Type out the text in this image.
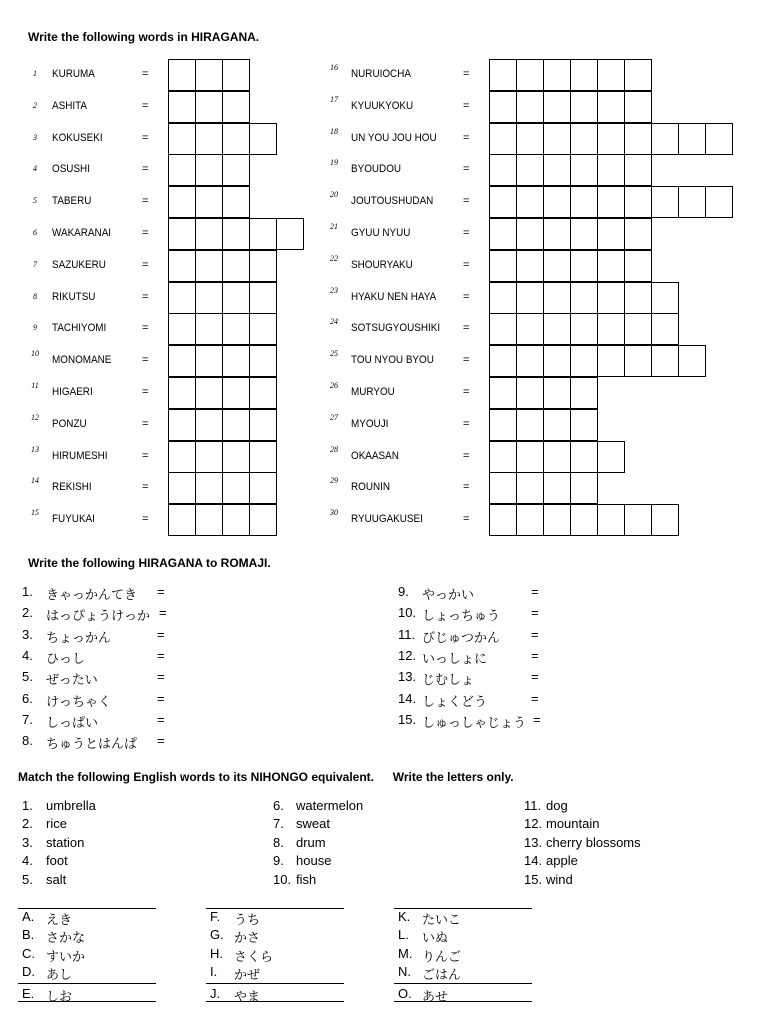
Write the following words in HIRAGANA.
1 KURUMA	=
2 ASHITA	=
3 KOKUSEKI	=
4 OSUSHI	=
5 TABERU	=
6 WAKARANAI	=
7 SAZUKERU	=
8 RIKUTSU	=
9 TACHIYOMI	=
10
MONOMANE	=
11
HIGAERI	=
12
PONZU	=
13
HIRUMESHI	=
14
REKISHI	=
15
FUYUKAI	=
16
NURUIOCHA	=
17
KYUUKYOKU	=
18
UN YOU JOU HOU =
19
BYOUDOU	=
20
JOUTOUSHUDAN	=
21
GYUU NYUU	=
22
SHOURYAKU	=
23
HYAKU NEN HAYA =
24
SOTSUGYOUSHIKI =
25
TOU NYOU BYOU	=
26
MURYOU	=
27
MYOUJI	=
28
OKAASAN	=
29
ROUNIN	=
30
RYUUGAKUSEI	=
Write the following HIRAGANA to ROMAJI.
1. きゃっかんてき =
2. はっぴょうけっか =
3. ちょっかん	=
4. ひっし	=
5. ぜったい	=
6. けっちゃく	=
7. しっぱい	=
8. ちゅうとはんぱ =
9. やっかい	=
10. しょっちゅう =
11. びじゅつかん =
12. いっしょに	=
13. じむしょ	=
14. しょくどう	=
15. しゅっしゃじょう =
Match the following English words to its NIHONGO equivalent. Write the letters only.
1. umbrella
2. rice
3. station
4. foot
5. salt
6. watermelon
7. sweat
8. drum
9. house
10. fish
11. dog
12. mountain
13. cherry blossoms
14. apple
15. wind
A. えき
B. さかな
C. すいか
D. あし
E. しお
F. うち
G. かさ
H. さくら
I. かぜ
J. やま
K. たいこ
L. いぬ
M. りんご
N. ごはん
O. あせ
